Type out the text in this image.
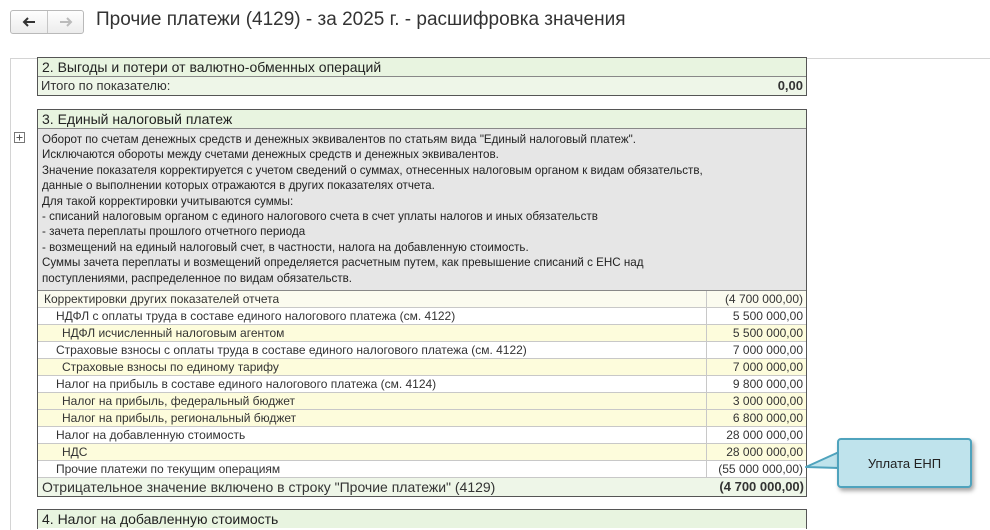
Прочие платежи (4129) - за 2025 г. - расшифровка значения
2. Выгоды и потери от валютно-обменных операций
Итого по показателю:	0,00
3. Единый налоговый платеж
Оборот по счетам денежных средств и денежных эквивалентов по статьям вида "Единый налоговый платеж".
Исключаются обороты между счетами денежных средств и денежных эквивалентов.
Значение показателя корректируется с учетом сведений о суммах, отнесенных налоговым органом к видам обязательств,
данные о выполнении которых отражаются в других показателях отчета.
Для такой корректировки учитываются суммы:
- списаний налоговым органом с единого налогового счета в счет уплаты налогов и иных обязательств
- зачета переплаты прошлого отчетного периода
- возмещений на единый налоговый счет, в частности, налога на добавленную стоимость.
Суммы зачета переплаты и возмещений определяется расчетным путем, как превышение списаний с ЕНС над
поступлениями, распределенное по видам обязательств.
Корректировки других показателей отчета	(4 700 000,00)
НДФЛ с оплаты труда в составе единого налогового платежа (см. 4122)	5 500 000,00
НДФЛ исчисленный налоговым агентом	5 500 000,00
Страховые взносы с оплаты труда в составе единого налогового платежа (см. 4122)	7 000 000,00
Страховые взносы по единому тарифу	7 000 000,00
Налог на прибыль в составе единого налогового платежа (см. 4124)	9 800 000,00
Налог на прибыль, федеральный бюджет	3 000 000,00
Налог на прибыль, региональный бюджет	6 800 000,00
Налог на добавленную стоимость	28 000 000,00
НДС	28 000 000,00
Прочие платежи по текущим операциям	(55 000 000,00)
Отрицательное значение включено в строку "Прочие платежи" (4129)	(4 700 000,00)
4. Налог на добавленную стоимость
Уплата ЕНП
